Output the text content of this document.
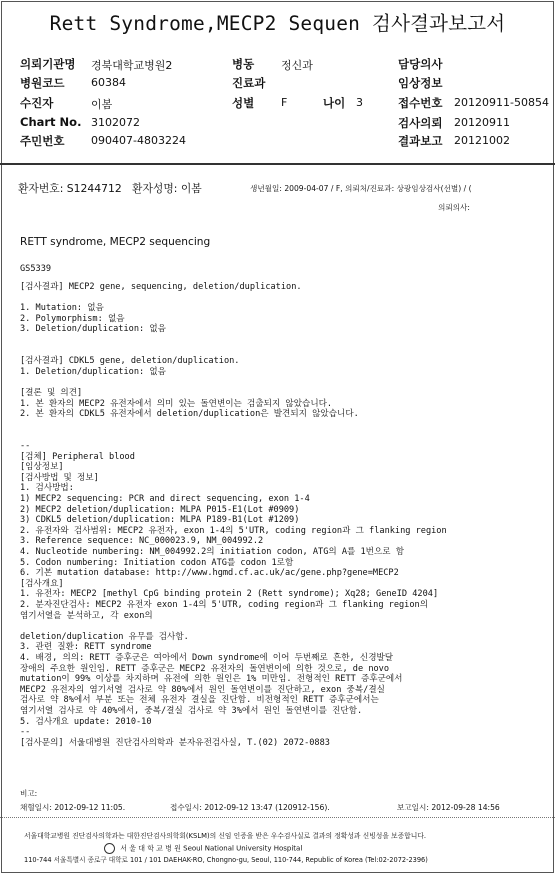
Rett Syndrome,MECP2 Sequen 검사결과보고서
의뢰기관명 경북대학교병원2	병동 정신과	담당의사
병원코드 60384	진료과	임상정보
수진자	이봄	성별 F	나이 3	접수번호 20120911-50854
Chart No. 3102072	검사의뢰 20120911
주민번호 090407-4803224	결과보고 20121002
환자번호: S1244712 환자성명: 이봄	생년월일: 2009-04-07 / F, 의뢰처/진료과: 상광임상검사(선별) / (
의뢰의사:
RETT syndrome, MECP2 sequencing
GS5339
[검사결과] MECP2 gene, sequencing, deletion/duplication.
1. Mutation: 없음
2. Polymorphism: 없음
3. Deletion/duplication: 없음
[검사결과] CDKL5 gene, deletion/duplication.
1. Deletion/duplication: 없음
[결론 및 의견]
1. 본 환자의 MECP2 유전자에서 의미 있는 돌연변이는 검출되지 않았습니다.
2. 본 환자의 CDKL5 유전자에서 deletion/duplication은 발견되지 않았습니다.
--
[검체] Peripheral blood
[임상정보]
[검사방법 및 정보]
1. 검사방법:
1) MECP2 sequencing: PCR and direct sequencing, exon 1-4
2) MECP2 deletion/duplication: MLPA P015-E1(Lot #0909)
3) CDKL5 deletion/duplication: MLPA P189-B1(Lot #1209)
2. 유전자와 검사범위: MECP2 유전자, exon 1-4의 5'UTR, coding region과 그 flanking region
3. Reference sequence: NC_000023.9, NM_004992.2
4. Nucleotide numbering: NM_004992.2의 initiation codon, ATG의 A를 1번으로 함
5. Codon numbering: Initiation codon ATG를 codon 1로함
6. 기본 mutation database: http://www.hgmd.cf.ac.uk/ac/gene.php?gene=MECP2
[검사개요]
1. 유전자: MECP2 [methyl CpG binding protein 2 (Rett syndrome); Xq28; GeneID 4204]
2. 분자진단검사: MECP2 유전자 exon 1-4의 5'UTR, coding region과 그 flanking region의
염기서열을 분석하고, 각 exon의
deletion/duplication 유무를 검사함.
3. 관련 질환: RETT syndrome
4. 배경, 의의: RETT 증후군은 여아에서 Down syndrome에 이어 두번째로 흔한, 신경발달
장애의 주요한 원인임. RETT 증후군은 MECP2 유전자의 돌연변이에 의한 것으로, de novo
mutation이 99% 이상를 차지하며 유전에 의한 원인은 1% 미만임. 전형적인 RETT 증후군에서
MECP2 유전자의 염기서열 검사로 약 80%에서 원인 돌연변이를 진단하고, exon 중복/결실
검사로 약 8%에서 부분 또는 전체 유전자 결실을 진단함. 비전형적인 RETT 증후군에서는
염기서열 검사로 약 40%에서, 중복/결실 검사로 약 3%에서 원인 돌연변이를 진단함.
5. 검사개요 update: 2010-10
--
[검사문의] 서울대병원 진단검사의학과 분자유전검사실, T.(02) 2072-0883
비고:
채혈일시: 2012-09-12 11:05.	접수일시: 2012-09-12 13:47 (120912-156).	보고일시: 2012-09-28 14:56
서울대학교병원 진단검사의학과는 대한진단검사의학회(KSLM)의 신임 인증을 받은 우수검사실로 결과의 정확성과 신빙성을 보증합니다.
서 울 대 학 교 병 원 Seoul National University Hospital
110-744 서울특별시 종로구 대학로 101 / 101 DAEHAK-RO, Chongno-gu, Seoul, 110-744, Republic of Korea (Tel:02-2072-2396)
